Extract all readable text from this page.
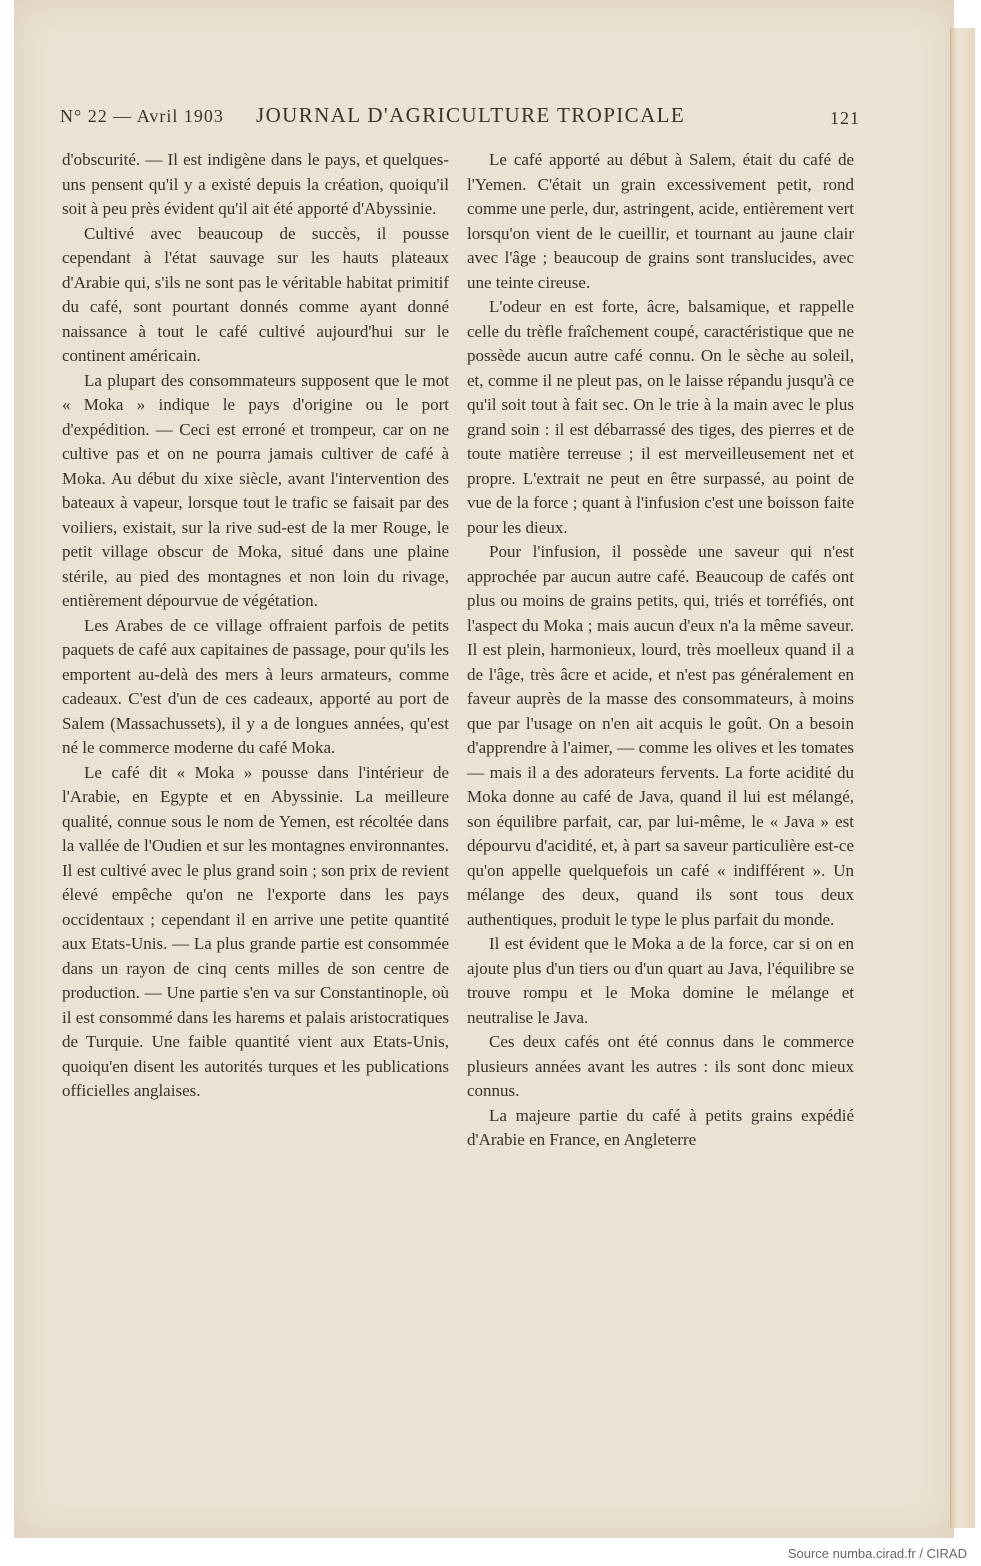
N° 22 — Avril 1903 JOURNAL D'AGRICULTURE TROPICALE	121

d'obscurité. — Il est indigène dans le pays, et quelques-uns pensent qu'il y a existé depuis la création, quoiqu'il soit à peu près évident qu'il ait été apporté d'Abyssinie.

Cultivé avec beaucoup de succès, il pousse cependant à l'état sauvage sur les hauts plateaux d'Arabie qui, s'ils ne sont pas le véritable habitat primitif du café, sont pourtant donnés comme ayant donné naissance à tout le café cultivé aujourd'hui sur le continent américain.

La plupart des consommateurs supposent que le mot « Moka » indique le pays d'origine ou le port d'expédition. — Ceci est erroné et trompeur, car on ne cultive pas et on ne pourra jamais cultiver de café à Moka. Au début du xixe siècle, avant l'intervention des bateaux à vapeur, lorsque tout le trafic se faisait par des voiliers, existait, sur la rive sud-est de la mer Rouge, le petit village obscur de Moka, situé dans une plaine stérile, au pied des montagnes et non loin du rivage, entièrement dépourvue de végétation.

Les Arabes de ce village offraient parfois de petits paquets de café aux capitaines de passage, pour qu'ils les emportent au-delà des mers à leurs armateurs, comme cadeaux. C'est d'un de ces cadeaux, apporté au port de Salem (Massachussets), il y a de longues années, qu'est né le commerce moderne du café Moka.

Le café dit « Moka » pousse dans l'intérieur de l'Arabie, en Egypte et en Abyssinie. La meilleure qualité, connue sous le nom de Yemen, est récoltée dans la vallée de l'Oudien et sur les montagnes environnantes. Il est cultivé avec le plus grand soin ; son prix de revient élevé empêche qu'on ne l'exporte dans les pays occidentaux ; cependant il en arrive une petite quantité aux Etats-Unis. — La plus grande partie est consommée dans un rayon de cinq cents milles de son centre de production. — Une partie s'en va sur Constantinople, où il est consommé dans les harems et palais aristocratiques de Turquie. Une faible quantité vient aux Etats-Unis, quoiqu'en disent les autorités turques et les publications officielles anglaises.

Le café apporté au début à Salem, était du café de l'Yemen. C'était un grain excessivement petit, rond comme une perle, dur, astringent, acide, entièrement vert lorsqu'on vient de le cueillir, et tournant au jaune clair avec l'âge ; beaucoup de grains sont translucides, avec une teinte cireuse.

L'odeur en est forte, âcre, balsamique, et rappelle celle du trèfle fraîchement coupé, caractéristique que ne possède aucun autre café connu. On le sèche au soleil, et, comme il ne pleut pas, on le laisse répandu jusqu'à ce qu'il soit tout à fait sec. On le trie à la main avec le plus grand soin : il est débarrassé des tiges, des pierres et de toute matière terreuse ; il est merveilleusement net et propre. L'extrait ne peut en être surpassé, au point de vue de la force ; quant à l'infusion c'est une boisson faite pour les dieux.

Pour l'infusion, il possède une saveur qui n'est approchée par aucun autre café. Beaucoup de cafés ont plus ou moins de grains petits, qui, triés et torréfiés, ont l'aspect du Moka ; mais aucun d'eux n'a la même saveur. Il est plein, harmonieux, lourd, très moelleux quand il a de l'âge, très âcre et acide, et n'est pas généralement en faveur auprès de la masse des consommateurs, à moins que par l'usage on n'en ait acquis le goût. On a besoin d'apprendre à l'aimer, — comme les olives et les tomates — mais il a des adorateurs fervents. La forte acidité du Moka donne au café de Java, quand il lui est mélangé, son équilibre parfait, car, par lui-même, le « Java » est dépourvu d'acidité, et, à part sa saveur particulière est-ce qu'on appelle quelquefois un café « indifférent ». Un mélange des deux, quand ils sont tous deux authentiques, produit le type le plus parfait du monde.

Il est évident que le Moka a de la force, car si on en ajoute plus d'un tiers ou d'un quart au Java, l'équilibre se trouve rompu et le Moka domine le mélange et neutralise le Java.

Ces deux cafés ont été connus dans le commerce plusieurs années avant les autres : ils sont donc mieux connus.

La majeure partie du café à petits grains expédié d'Arabie en France, en Angleterre

Source numba.cirad.fr / CIRAD
